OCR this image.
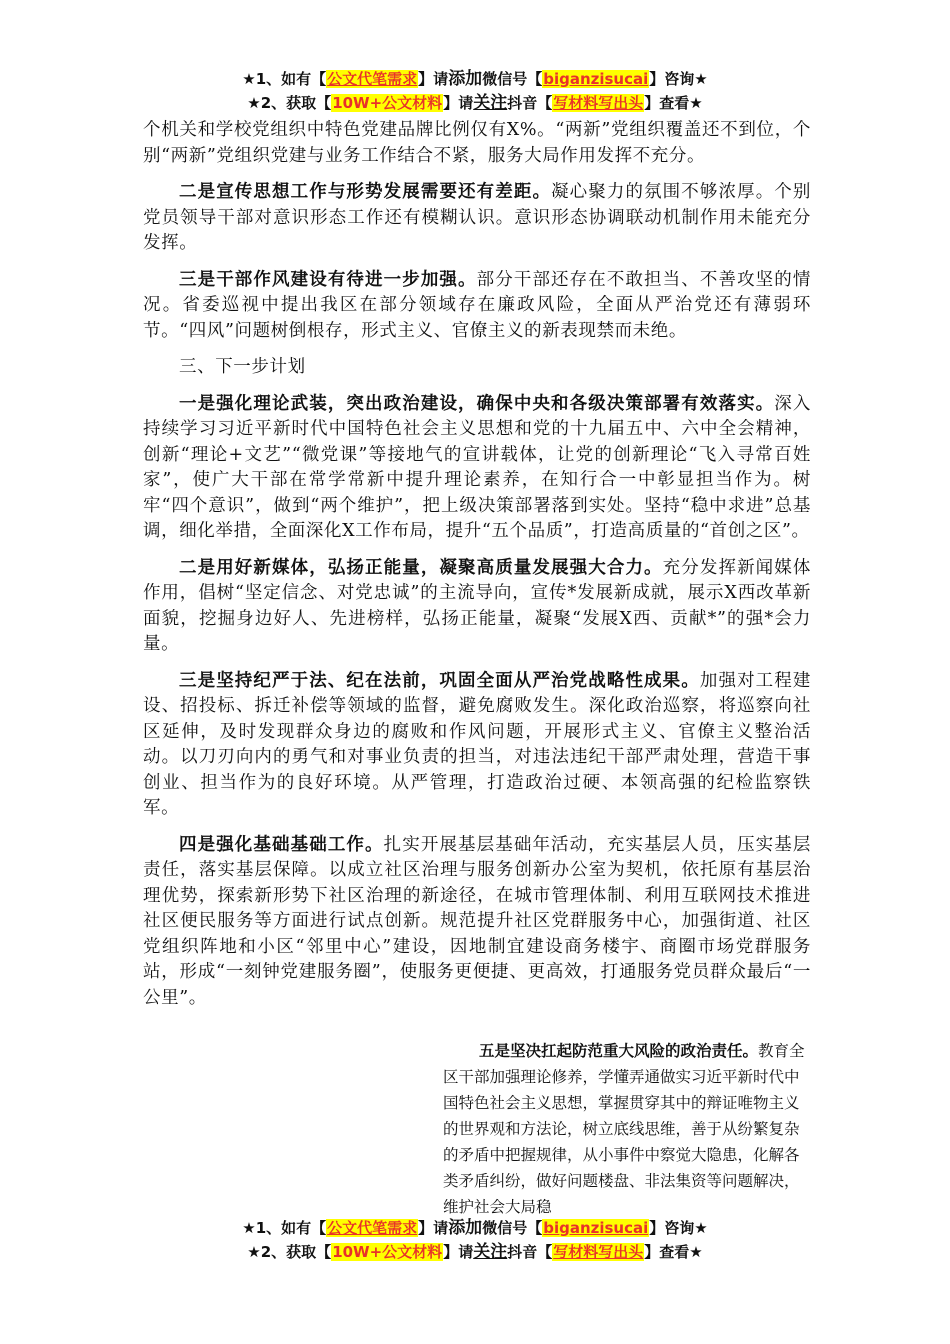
★1、如有【公文代笔需求】请添加微信号【biganzisucai】咨询★
★2、获取【10W+公文材料】请关注抖音【写材料写出头】查看★

个机关和学校党组织中特色党建品牌比例仅有X%。“两新”党组织覆盖还不到位，个别“两新”党组织党建与业务工作结合不紧，服务大局作用发挥不充分。

二是宣传思想工作与形势发展需要还有差距。凝心聚力的氛围不够浓厚。个别党员领导干部对意识形态工作还有模糊认识。意识形态协调联动机制作用未能充分发挥。

三是干部作风建设有待进一步加强。部分干部还存在不敢担当、不善攻坚的情况。省委巡视中提出我区在部分领域存在廉政风险，全面从严治党还有薄弱环节。“四风”问题树倒根存，形式主义、官僚主义的新表现禁而未绝。

三、下一步计划

一是强化理论武装，突出政治建设，确保中央和各级决策部署有效落实。深入持续学习习近平新时代中国特色社会主义思想和党的十九届五中、六中全会精神，创新“理论+文艺”“微党课”等接地气的宣讲载体，让党的创新理论“飞入寻常百姓家”，使广大干部在常学常新中提升理论素养，在知行合一中彰显担当作为。树牢“四个意识”，做到“两个维护”，把上级决策部署落到实处。坚持“稳中求进”总基调，细化举措，全面深化X工作布局，提升“五个品质”，打造高质量的“首创之区”。

二是用好新媒体，弘扬正能量，凝聚高质量发展强大合力。充分发挥新闻媒体作用，倡树“坚定信念、对党忠诚”的主流导向，宣传*发展新成就，展示X西改革新面貌，挖掘身边好人、先进榜样，弘扬正能量，凝聚“发展X西、贡献*”的强*会力量。

三是坚持纪严于法、纪在法前，巩固全面从严治党战略性成果。加强对工程建设、招投标、拆迁补偿等领域的监督，避免腐败发生。深化政治巡察，将巡察向社区延伸，及时发现群众身边的腐败和作风问题，开展形式主义、官僚主义整治活动。以刀刃向内的勇气和对事业负责的担当，对违法违纪干部严肃处理，营造干事创业、担当作为的良好环境。从严管理，打造政治过硬、本领高强的纪检监察铁军。

四是强化基础基础工作。扎实开展基层基础年活动，充实基层人员，压实基层责任，落实基层保障。以成立社区治理与服务创新办公室为契机，依托原有基层治理优势，探索新形势下社区治理的新途径，在城市管理体制、利用互联网技术推进社区便民服务等方面进行试点创新。规范提升社区党群服务中心，加强街道、社区党组织阵地和小区“邻里中心”建设，因地制宜建设商务楼宇、商圈市场党群服务站，形成“一刻钟党建服务圈”，使服务更便捷、更高效，打通服务党员群众最后“一公里”。

五是坚决扛起防范重大风险的政治责任。教育全区干部加强理论修养，学懂弄通做实习近平新时代中国特色社会主义思想，掌握贯穿其中的辩证唯物主义的世界观和方法论，树立底线思维，善于从纷繁复杂的矛盾中把握规律，从小事件中察觉大隐患，化解各类矛盾纠纷，做好问题楼盘、非法集资等问题解决，维护社会大局稳

★1、如有【公文代笔需求】请添加微信号【biganzisucai】咨询★
★2、获取【10W+公文材料】请关注抖音【写材料写出头】查看★
